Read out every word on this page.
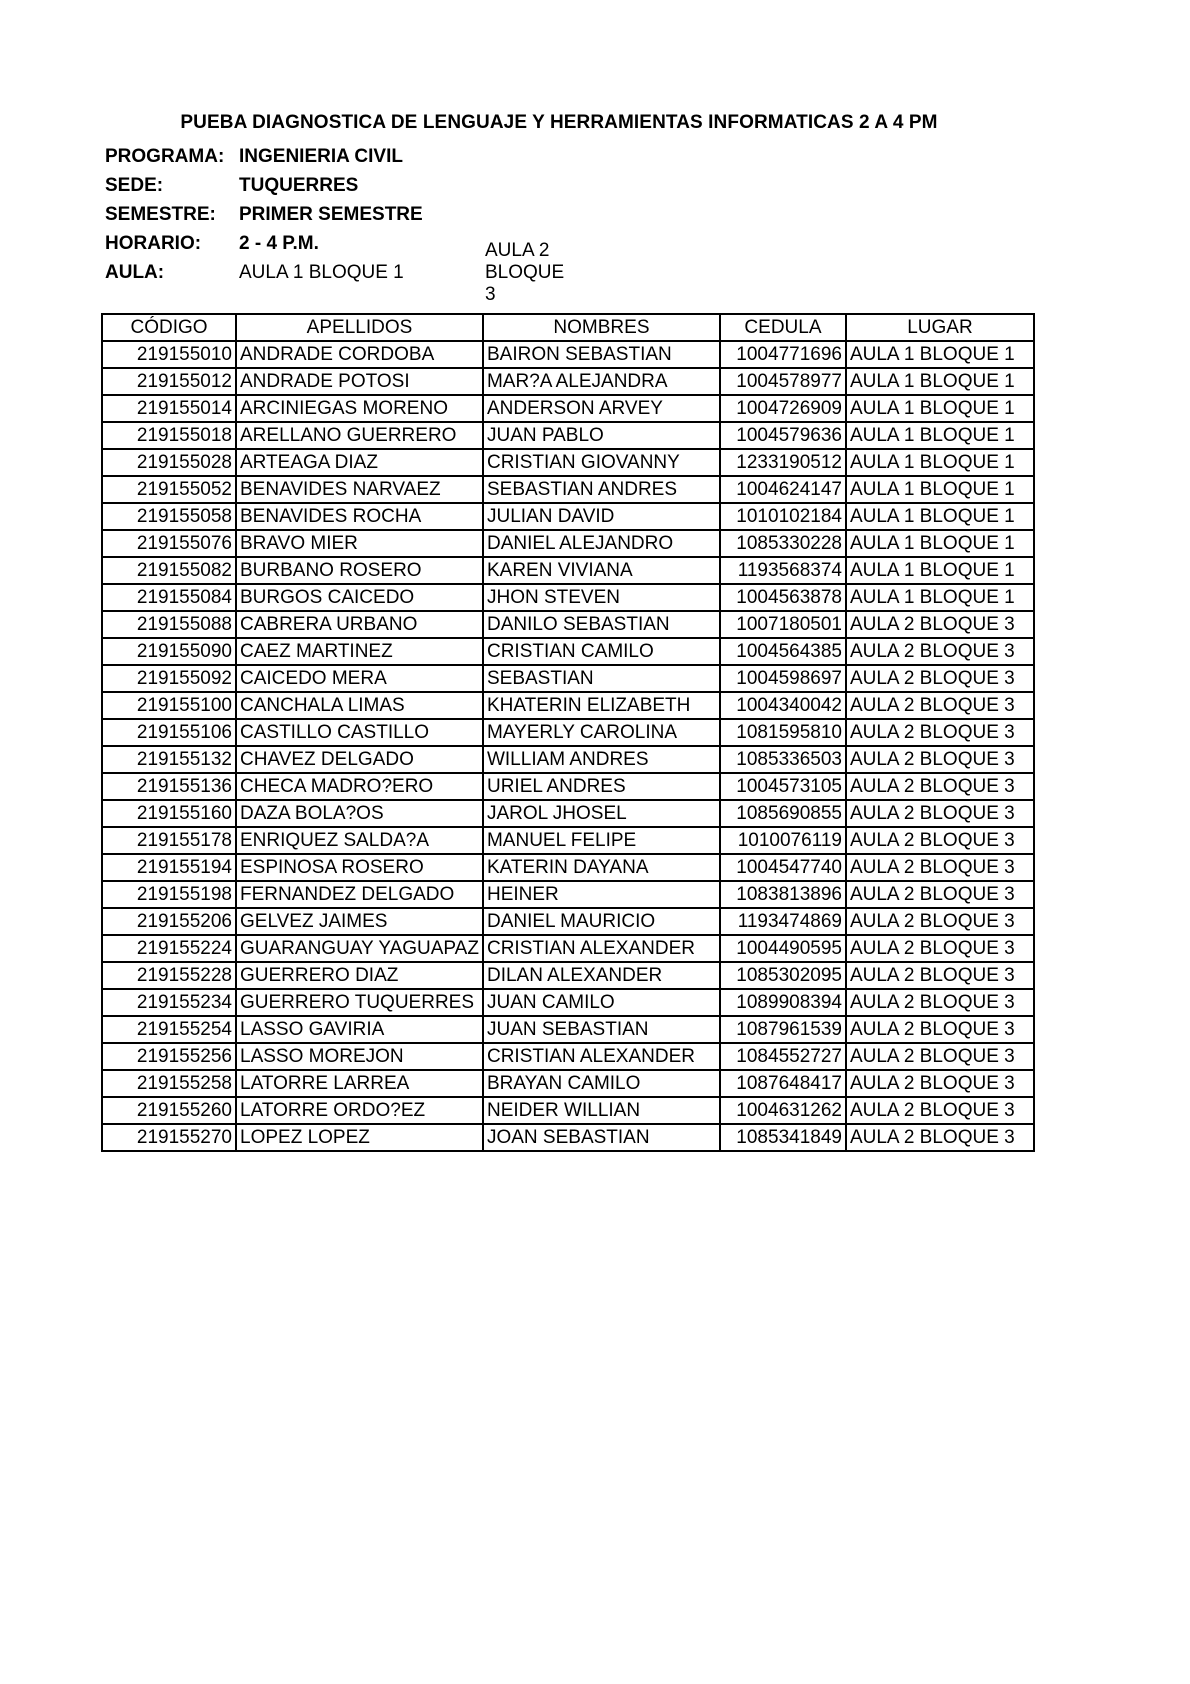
PUEBA DIAGNOSTICA DE LENGUAJE Y HERRAMIENTAS INFORMATICAS 2 A 4 PM
PROGRAMA: INGENIERIA CIVIL
SEDE:	TUQUERRES
SEMESTRE:	PRIMER SEMESTRE
HORARIO:	2 - 4 P.M.
AULA:	AULA 1 BLOQUE 1
AULA 2 BLOQUE 3
CÓDIGO	APELLIDOS	NOMBRES	CEDULA	LUGAR
219155010	ANDRADE CORDOBA	BAIRON SEBASTIAN	1004771696	AULA 1 BLOQUE 1
219155012	ANDRADE POTOSI	MAR?A ALEJANDRA	1004578977	AULA 1 BLOQUE 1
219155014	ARCINIEGAS MORENO	ANDERSON ARVEY	1004726909	AULA 1 BLOQUE 1
219155018	ARELLANO GUERRERO	JUAN PABLO	1004579636	AULA 1 BLOQUE 1
219155028	ARTEAGA DIAZ	CRISTIAN GIOVANNY	1233190512	AULA 1 BLOQUE 1
219155052	BENAVIDES NARVAEZ	SEBASTIAN ANDRES	1004624147	AULA 1 BLOQUE 1
219155058	BENAVIDES ROCHA	JULIAN DAVID	1010102184	AULA 1 BLOQUE 1
219155076	BRAVO MIER	DANIEL ALEJANDRO	1085330228	AULA 1 BLOQUE 1
219155082	BURBANO ROSERO	KAREN VIVIANA	1193568374	AULA 1 BLOQUE 1
219155084	BURGOS CAICEDO	JHON STEVEN	1004563878	AULA 1 BLOQUE 1
219155088	CABRERA URBANO	DANILO SEBASTIAN	1007180501	AULA 2 BLOQUE 3
219155090	CAEZ MARTINEZ	CRISTIAN CAMILO	1004564385	AULA 2 BLOQUE 3
219155092	CAICEDO MERA	SEBASTIAN	1004598697	AULA 2 BLOQUE 3
219155100	CANCHALA LIMAS	KHATERIN ELIZABETH	1004340042	AULA 2 BLOQUE 3
219155106	CASTILLO CASTILLO	MAYERLY CAROLINA	1081595810	AULA 2 BLOQUE 3
219155132	CHAVEZ DELGADO	WILLIAM ANDRES	1085336503	AULA 2 BLOQUE 3
219155136	CHECA MADRO?ERO	URIEL ANDRES	1004573105	AULA 2 BLOQUE 3
219155160	DAZA BOLA?OS	JAROL JHOSEL	1085690855	AULA 2 BLOQUE 3
219155178	ENRIQUEZ SALDA?A	MANUEL FELIPE	1010076119	AULA 2 BLOQUE 3
219155194	ESPINOSA ROSERO	KATERIN DAYANA	1004547740	AULA 2 BLOQUE 3
219155198	FERNANDEZ DELGADO	HEINER	1083813896	AULA 2 BLOQUE 3
219155206	GELVEZ JAIMES	DANIEL MAURICIO	1193474869	AULA 2 BLOQUE 3
219155224	GUARANGUAY YAGUAPAZ	CRISTIAN ALEXANDER	1004490595	AULA 2 BLOQUE 3
219155228	GUERRERO DIAZ	DILAN ALEXANDER	1085302095	AULA 2 BLOQUE 3
219155234	GUERRERO TUQUERRES	JUAN CAMILO	1089908394	AULA 2 BLOQUE 3
219155254	LASSO GAVIRIA	JUAN SEBASTIAN	1087961539	AULA 2 BLOQUE 3
219155256	LASSO MOREJON	CRISTIAN ALEXANDER	1084552727	AULA 2 BLOQUE 3
219155258	LATORRE LARREA	BRAYAN CAMILO	1087648417	AULA 2 BLOQUE 3
219155260	LATORRE ORDO?EZ	NEIDER WILLIAN	1004631262	AULA 2 BLOQUE 3
219155270	LOPEZ LOPEZ	JOAN SEBASTIAN	1085341849	AULA 2 BLOQUE 3
